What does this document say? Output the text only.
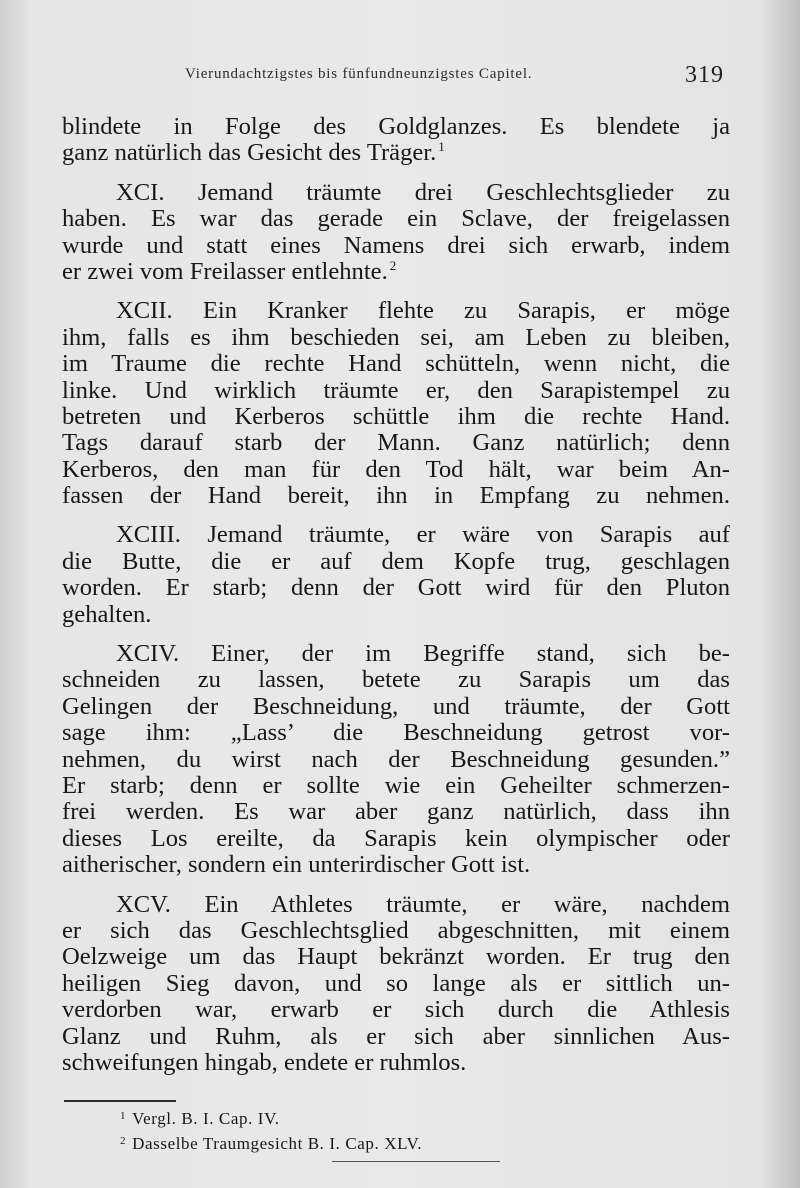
Vierundachtzigstes bis fünfundneunzigstes Capitel.	319
blindete in Folge des Goldglanzes. Es blendete ja
ganz natürlich das Gesicht des Träger. $^1$
XCI. Jemand träumte drei Geschlechtsglieder zu
haben. Es war das gerade ein Sclave, der freigelassen
wurde und statt eines Namens drei sich erwarb, indem
er zwei vom Freilasser entlehnte. $^2$
XCII. Ein Kranker flehte zu Sarapis, er möge
ihm, falls es ihm beschieden sei, am Leben zu bleiben,
im Traume die rechte Hand schütteln, wenn nicht, die
linke. Und wirklich träumte er, den Sarapistempel zu
betreten und Kerberos schüttle ihm die rechte Hand.
Tags darauf starb der Mann. Ganz natürlich; denn
Kerberos, den man für den Tod hält, war beim An-
fassen der Hand bereit, ihn in Empfang zu nehmen.
XCIII. Jemand träumte, er wäre von Sarapis auf
die Butte, die er auf dem Kopfe trug, geschlagen
worden. Er starb; denn der Gott wird für den Pluton
gehalten.
XCIV. Einer, der im Begriffe stand, sich be-
schneiden zu lassen, betete zu Sarapis um das
Gelingen der Beschneidung, und träumte, der Gott
sage ihm: „Lass’ die Beschneidung getrost vor-
nehmen, du wirst nach der Beschneidung gesunden.”
Er starb; denn er sollte wie ein Geheilter schmerzen-
frei werden. Es war aber ganz natürlich, dass ihn
dieses Los ereilte, da Sarapis kein olympischer oder
aitherischer, sondern ein unterirdischer Gott ist.
XCV. Ein Athletes träumte, er wäre, nachdem
er sich das Geschlechtsglied abgeschnitten, mit einem
Oelzweige um das Haupt bekränzt worden. Er trug den
heiligen Sieg davon, und so lange als er sittlich un-
verdorben war, erwarb er sich durch die Athlesis
Glanz und Ruhm, als er sich aber sinnlichen Aus-
schweifungen hingab, endete er ruhmlos.
$^1$ Vergl. B. I. Cap. IV.
$^2$ Dasselbe Traumgesicht B. I. Cap. XLV.
